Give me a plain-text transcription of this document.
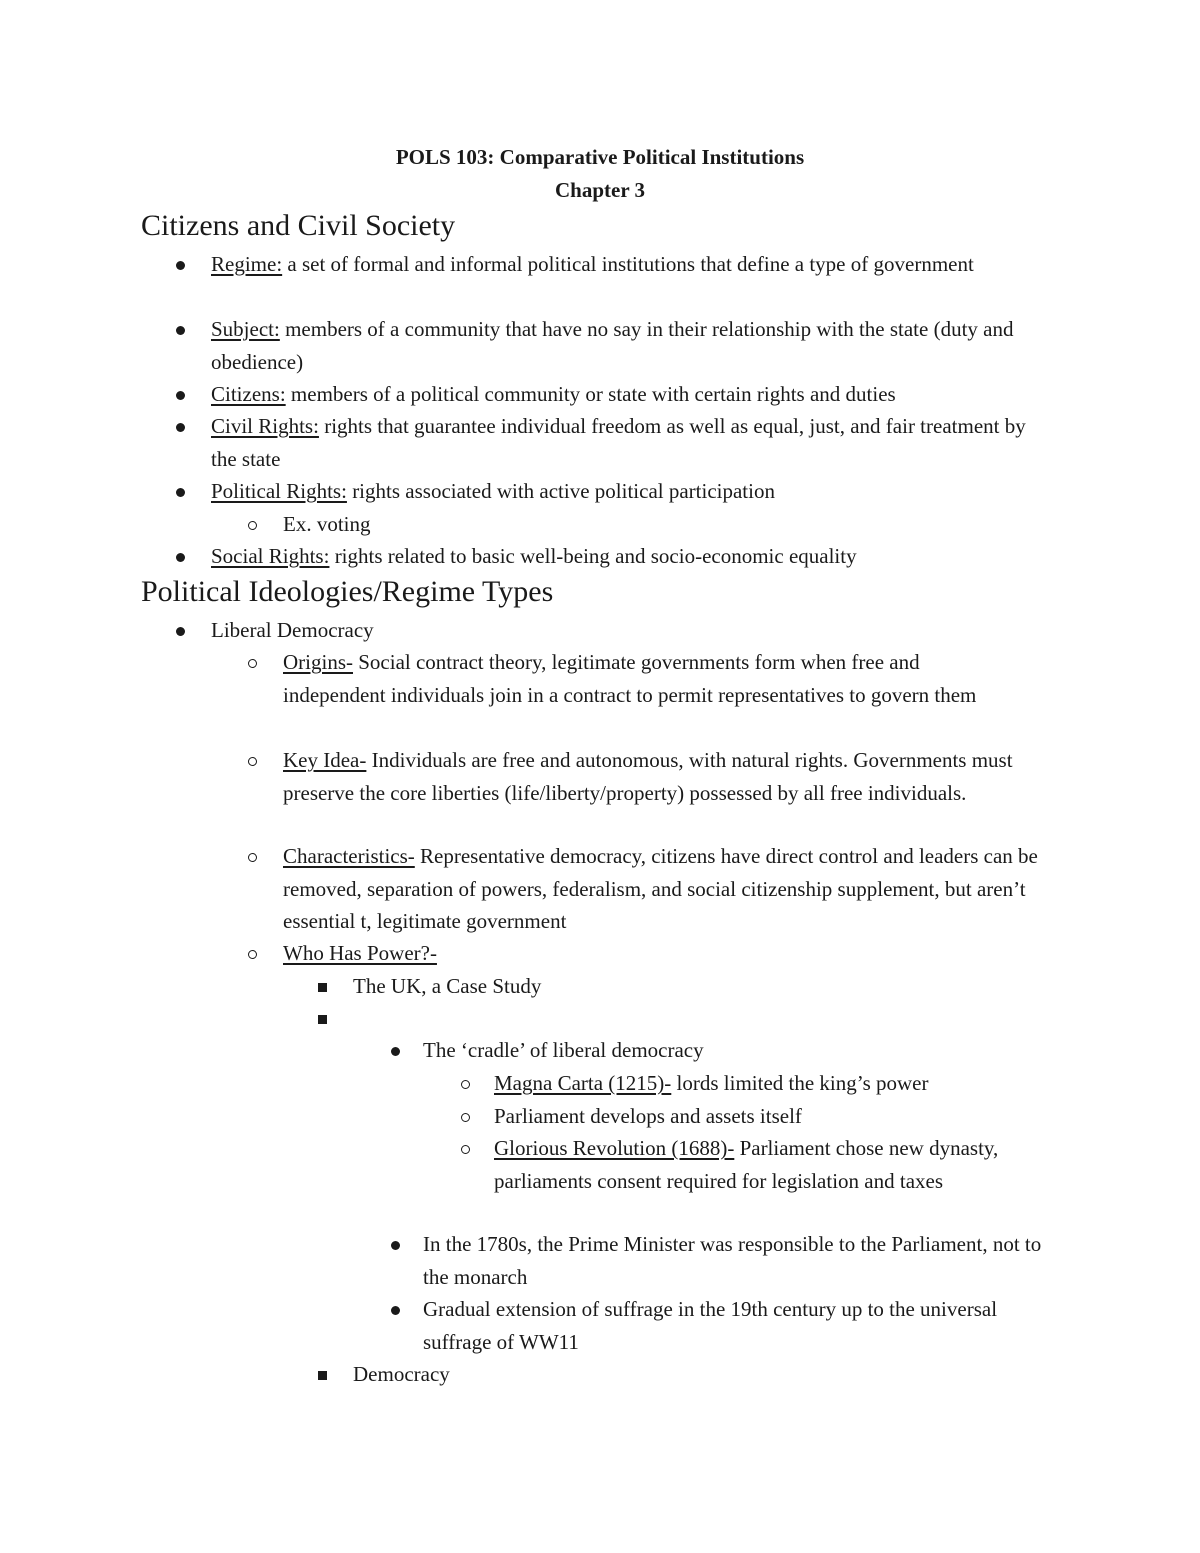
POLS 103: Comparative Political Institutions
Chapter 3
Citizens and Civil Society
Regime: a set of formal and informal political institutions that define a type of government
Subject: members of a community that have no say in their relationship with the state (duty and obedience)
Citizens: members of a political community or state with certain rights and duties
Civil Rights: rights that guarantee individual freedom as well as equal, just, and fair treatment by the state
Political Rights: rights associated with active political participation
Ex. voting
Social Rights: rights related to basic well-being and socio-economic equality
Political Ideologies/Regime Types
Liberal Democracy
Origins- Social contract theory, legitimate governments form when free and independent individuals join in a contract to permit representatives to govern them
Key Idea- Individuals are free and autonomous, with natural rights. Governments must preserve the core liberties (life/liberty/property) possessed by all free individuals.
Characteristics- Representative democracy, citizens have direct control and leaders can be removed, separation of powers, federalism, and social citizenship supplement, but aren’t essential t, legitimate government
Who Has Power?-
The UK, a Case Study
The ‘cradle’ of liberal democracy
Magna Carta (1215)- lords limited the king’s power
Parliament develops and assets itself
Glorious Revolution (1688)- Parliament chose new dynasty, parliaments consent required for legislation and taxes
In the 1780s, the Prime Minister was responsible to the Parliament, not to the monarch
Gradual extension of suffrage in the 19th century up to the universal suffrage of WW11
Democracy
